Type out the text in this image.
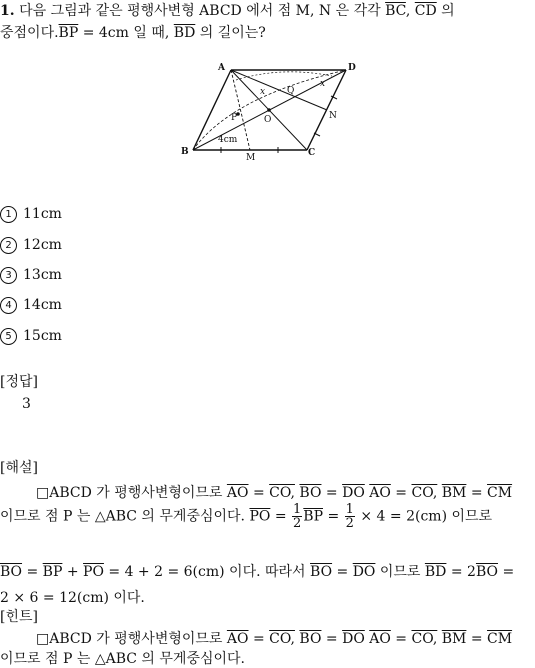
1. 다음 그림과 같은 평행사변형 ABCD 에서 점 M, N 은 각각 $\overline{BC}$, $\overline{CD}$ 의
중점이다$.\overline{BP} = 4cm$ 일 때, $\overline{BD}$ 의 길이는?
A	D
B	C
P
Q
O	N
M
x
x
4cm
1 11cm
2 12cm
3 13cm
4 14cm
5 15cm
[정답]
3
[해설]
□ABCD 가 평행사변형이므로 $\overline{AO}$ = CO, $\overline{BO} = \overline{DO}$ $\overline{AO}$ = CO, $\overline{BM} = \overline{CM}$
이므로 점 P 는 △ABC 의 무게중심이다. $\overline{PO} = \frac{1}{2} \overline{BP} = \frac{1}{2} \times 4 = 2(cm)$ 이므로
$\overline{BO} = \overline{BP} + \overline{PO} = 4 + 2 = 6(cm)$ 이다. 따라서 $\overline{BO} = \overline{DO}$ 이므로 $\overline{BD} = 2\overline{BO}$ =
2 × 6 = 12(cm) 이다.
[힌트]
□ABCD 가 평행사변형이므로 $\overline{AO}$ = CO, $\overline{BO} = \overline{DO}$ $\overline{AO}$ = CO, $\overline{BM} = \overline{CM}$
이므로 점 P 는 △ABC 의 무게중심이다.
